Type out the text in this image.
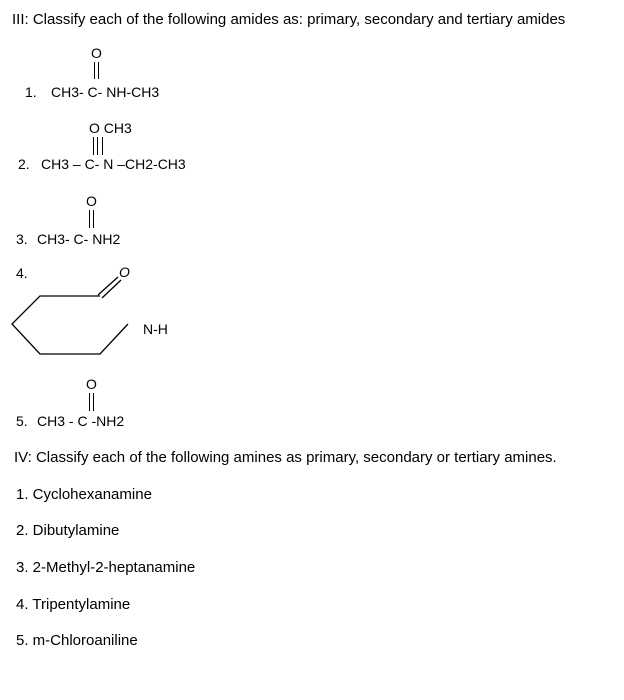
III: Classify each of the following amides as: primary, secondary and tertiary amides
O
1. CH3- C- NH-CH3
O CH3
2. CH3 – C- N –CH2-CH3
O
3. CH3- C- NH2
4.	O
N-H
O
5. CH3 - C -NH2
IV: Classify each of the following amines as primary, secondary or tertiary amines.
1. Cyclohexanamine
2. Dibutylamine
3. 2-Methyl-2-heptanamine
4. Tripentylamine
5. m-Chloroaniline
